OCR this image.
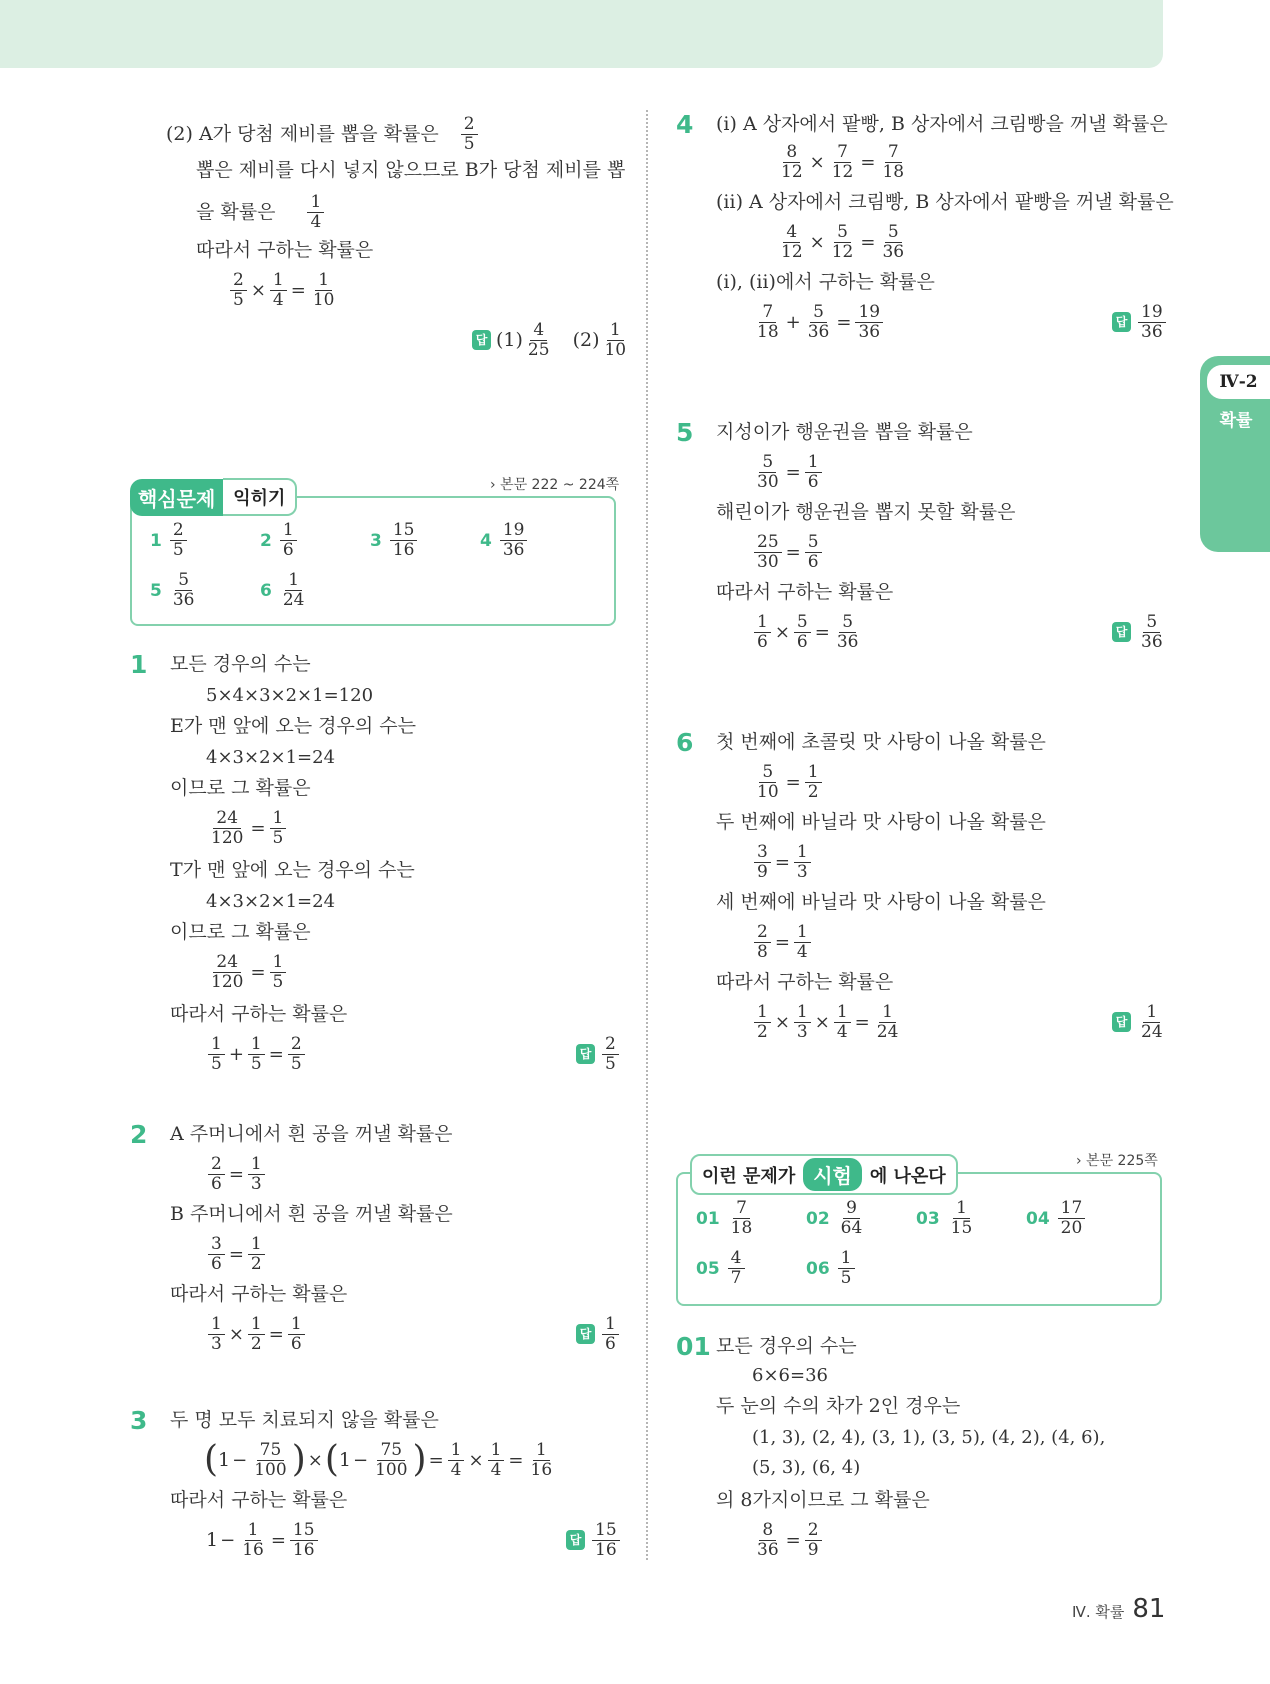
(2) A가 당첨 제비를 뽑을 확률은 $\frac{2}{5}$
뽑은 제비를 다시 넣지 않으므로 B가 당첨 제비를 뽑
을 확률은 $\frac{1}{4}$
따라서 구하는 확률은
$\frac{2}{5} \times \frac{1}{4} = \frac{1}{10}$
답 $(1) \frac{4}{25} (2) \frac{1}{10}$
핵심문제	익히기
› 본문 222 ~ 224쪽
$1 \frac{2}{5}$	$2 \frac{1}{6}$	$3 \frac{15}{16}$	$4 \frac{19}{36}$
$5 \frac{5}{36}$	$6 \frac{1}{24}$
1 모든 경우의 수는
5×4×3×2×1=120
E가 맨 앞에 오는 경우의 수는
4×3×2×1=24
이므로 그 확률은
$\frac{24}{120} = \frac{1}{5}$
T가 맨 앞에 오는 경우의 수는
4×3×2×1=24
이므로 그 확률은
$\frac{24}{120} = \frac{1}{5}$
따라서 구하는 확률은
$\frac{1}{5} + \frac{1}{5} = \frac{2}{5}$	답 $\frac{2}{5}$
2 A 주머니에서 흰 공을 꺼낼 확률은
$\frac{2}{6} = \frac{1}{3}$
B 주머니에서 흰 공을 꺼낼 확률은
$\frac{3}{6} = \frac{1}{2}$
따라서 구하는 확률은
$\frac{1}{3} \times \frac{1}{2} = \frac{1}{6}$	답 $\frac{1}{6}$
3 두 명 모두 치료되지 않을 확률은
( $1 - \frac{75}{100}$ ) × ( $1 - \frac{75}{100}$ ) = $\frac{1}{4} \times \frac{1}{4} = \frac{1}{16}$
따라서 구하는 확률은
$1 - \frac{1}{16} = \frac{15}{16}$	답 $\frac{15}{16}$
4 (ⅰ) A 상자에서 팥빵, B 상자에서 크림빵을 꺼낼 확률은
$\frac{8}{12} \times \frac{7}{12} = \frac{7}{18}$
(ⅱ) A 상자에서 크림빵, B 상자에서 팥빵을 꺼낼 확률은
$\frac{4}{12} \times \frac{5}{12} = \frac{5}{36}$
(ⅰ), (ⅱ)에서 구하는 확률은
$\frac{7}{18} + \frac{5}{36} = \frac{19}{36}$	답 $\frac{19}{36}$
5 지성이가 행운권을 뽑을 확률은
$\frac{5}{30} = \frac{1}{6}$
해린이가 행운권을 뽑지 못할 확률은
$\frac{25}{30} = \frac{5}{6}$
따라서 구하는 확률은
$\frac{1}{6} \times \frac{5}{6} = \frac{5}{36}$	답 $\frac{5}{36}$
6 첫 번째에 초콜릿 맛 사탕이 나올 확률은
$\frac{5}{10} = \frac{1}{2}$
두 번째에 바닐라 맛 사탕이 나올 확률은
$\frac{3}{9} = \frac{1}{3}$
세 번째에 바닐라 맛 사탕이 나올 확률은
$\frac{2}{8} = \frac{1}{4}$
따라서 구하는 확률은
$\frac{1}{2} \times \frac{1}{3} \times \frac{1}{4} = \frac{1}{24}$	답 $\frac{1}{24}$
이런 문제가 시험	에 나온다
› 본문 225쪽
$01 \frac{7}{18}$	$02 \frac{9}{64}$	$03 \frac{1}{15}$	$04 \frac{17}{20}$
$05 \frac{4}{7}$	$06 \frac{1}{5}$
01 모든 경우의 수는
6×6=36
두 눈의 수의 차가 2인 경우는
(1, 3), (2, 4), (3, 1), (3, 5), (4, 2), (4, 6),
(5, 3), (6, 4)
의 8가지이므로 그 확률은
$\frac{8}{36} = \frac{2}{9}$
Ⅳ-2
확률
Ⅳ. 확률 81
